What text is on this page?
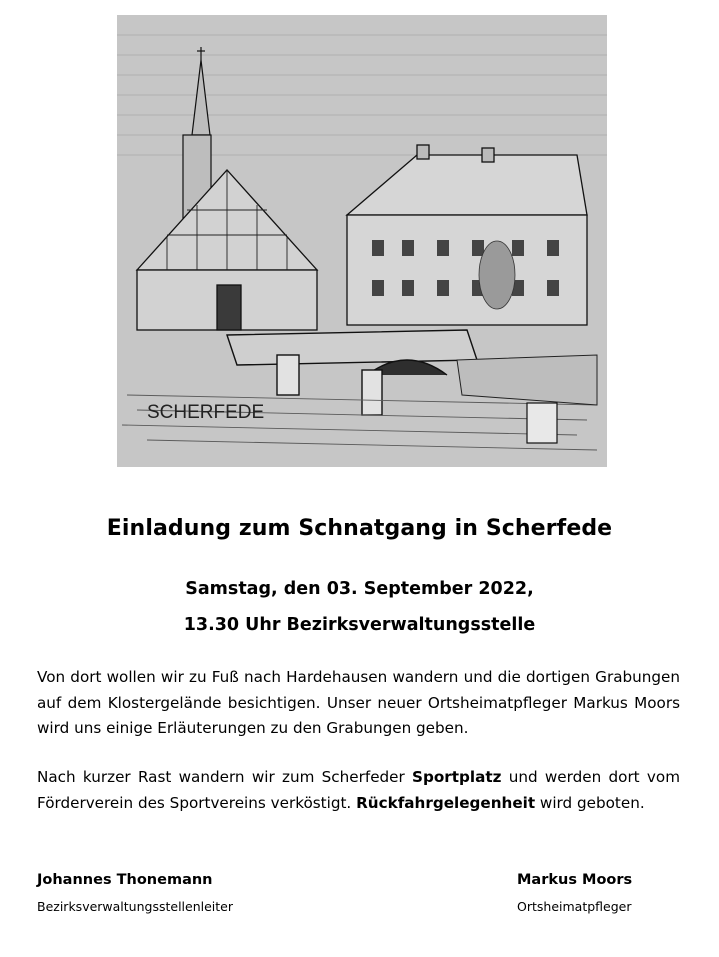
SCHERFEDE
Einladung zum Schnatgang in Scherfede
Samstag, den 03. September 2022,
13.30 Uhr Bezirksverwaltungsstelle
Von dort wollen wir zu Fuß nach Hardehausen wandern und die dortigen Grabungen auf dem Klostergelände besichtigen. Unser neuer Ortsheimatpfleger Markus Moors wird uns einige Erläuterungen zu den Grabungen geben.
Nach kurzer Rast wandern wir zum Scherfeder Sportplatz und werden dort vom Förderverein des Sportvereins verköstigt. Rückfahrgelegenheit wird geboten.
Johannes Thonemann	Markus Moors
Bezirksverwaltungsstellenleiter	Ortsheimatpfleger
